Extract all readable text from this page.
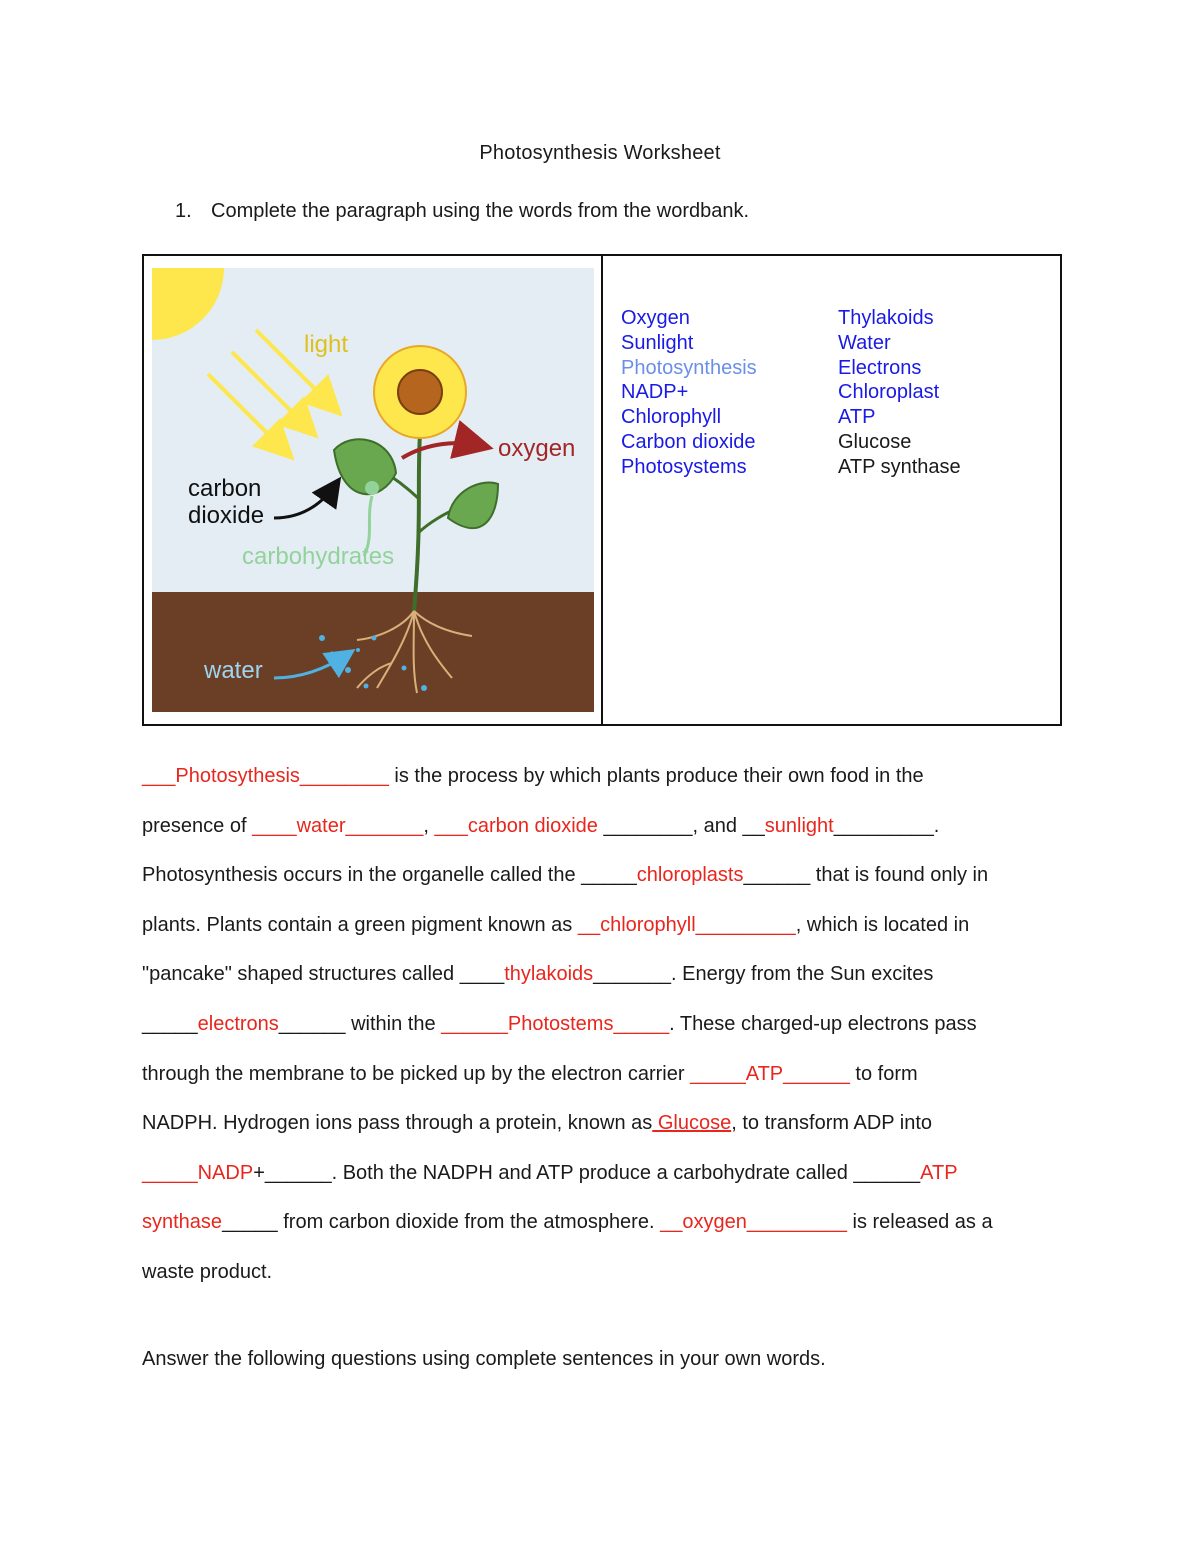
Photosynthesis Worksheet
1. Complete the paragraph using the words from the wordbank.
light
oxygen
carbon
dioxide
carbohydrates
water
Oxygen
Sunlight
Photosynthesis
NADP+
Chlorophyll
Carbon dioxide
Photosystems
Thylakoids
Water
Electrons
Chloroplast
ATP
Glucose
ATP synthase
___Photosythesis________ is the process by which plants produce their own food in the
presence of ____water_______, ___carbon dioxide ________, and __sunlight_________.
Photosynthesis occurs in the organelle called the _____chloroplasts______ that is found only in
plants. Plants contain a green pigment known as __chlorophyll_________, which is located in
"pancake" shaped structures called ____thylakoids_______. Energy from the Sun excites
_____electrons______ within the ______Photostems_____. These charged-up electrons pass
through the membrane to be picked up by the electron carrier _____ATP______ to form
NADPH. Hydrogen ions pass through a protein, known as Glucose, to transform ADP into
_____NADP+______. Both the NADPH and ATP produce a carbohydrate called ______ATP
synthase_____ from carbon dioxide from the atmosphere. __oxygen_________ is released as a
waste product.
Answer the following questions using complete sentences in your own words.
